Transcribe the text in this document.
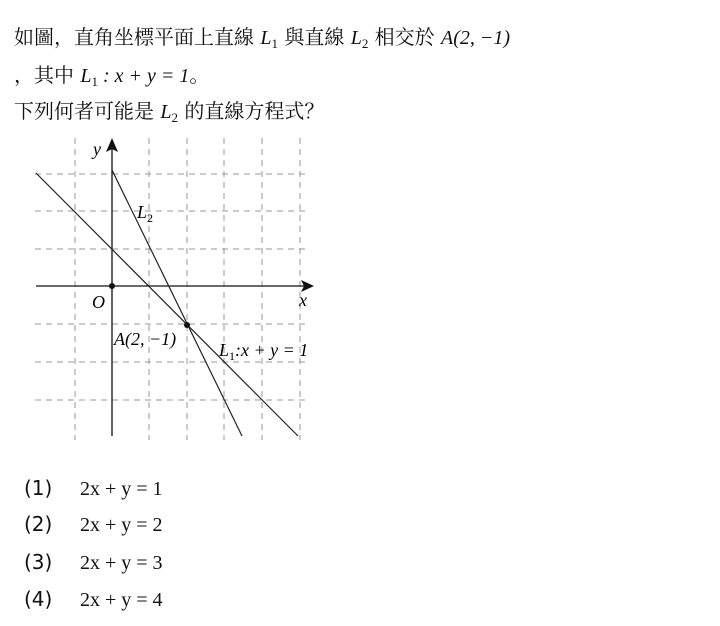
如圖，直角坐標平面上直線 $L_1$ 與直線 $L_2$ 相交於 A(2, −1)
，其中 $L_1$ : x + y = 1。
下列何者可能是 $L_2$ 的直線方程式？
y
x
O
A(2, −1)
$L_2$
$L_1:x + y = 1$
(1) 2x + y = 1
(2) 2x + y = 2
(3) 2x + y = 3
(4) 2x + y = 4
